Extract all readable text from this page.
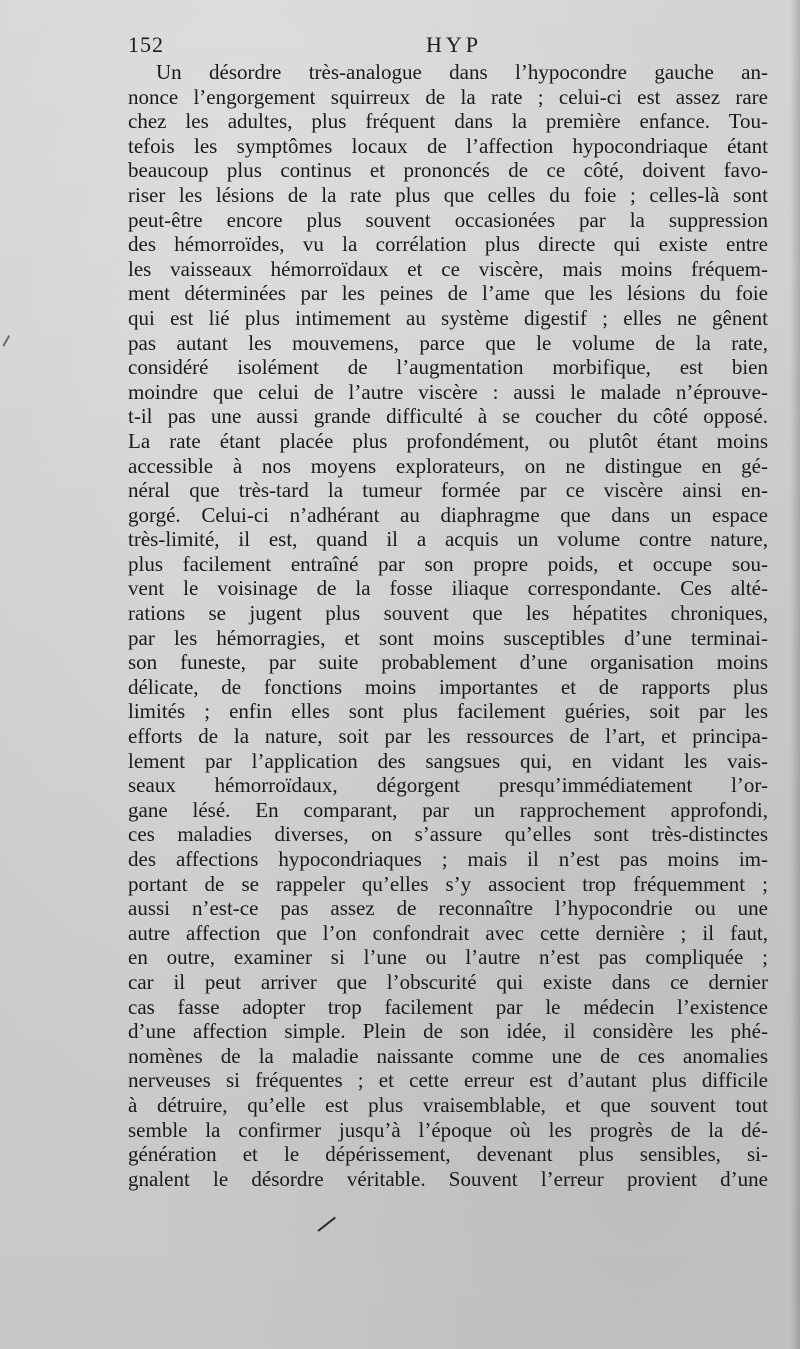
152	HYP
Un désordre très-analogue dans l’hypocondre gauche an-
nonce l’engorgement squirreux de la rate ; celui-ci est assez rare
chez les adultes, plus fréquent dans la première enfance. Tou-
tefois les symptômes locaux de l’affection hypocondriaque étant
beaucoup plus continus et prononcés de ce côté, doivent favo-
riser les lésions de la rate plus que celles du foie ; celles-là sont
peut-être encore plus souvent occasionées par la suppression
des hémorroïdes, vu la corrélation plus directe qui existe entre
les vaisseaux hémorroïdaux et ce viscère, mais moins fréquem-
ment déterminées par les peines de l’ame que les lésions du foie
qui est lié plus intimement au système digestif ; elles ne gênent
pas autant les mouvemens, parce que le volume de la rate,
considéré isolément de l’augmentation morbifique, est bien
moindre que celui de l’autre viscère : aussi le malade n’éprouve-
t-il pas une aussi grande difficulté à se coucher du côté opposé.
La rate étant placée plus profondément, ou plutôt étant moins
accessible à nos moyens explorateurs, on ne distingue en gé-
néral que très-tard la tumeur formée par ce viscère ainsi en-
gorgé. Celui-ci n’adhérant au diaphragme que dans un espace
très-limité, il est, quand il a acquis un volume contre nature,
plus facilement entraîné par son propre poids, et occupe sou-
vent le voisinage de la fosse iliaque correspondante. Ces alté-
rations se jugent plus souvent que les hépatites chroniques,
par les hémorragies, et sont moins susceptibles d’une terminai-
son funeste, par suite probablement d’une organisation moins
délicate, de fonctions moins importantes et de rapports plus
limités ; enfin elles sont plus facilement guéries, soit par les
efforts de la nature, soit par les ressources de l’art, et principa-
lement par l’application des sangsues qui, en vidant les vais-
seaux hémorroïdaux, dégorgent presqu’immédiatement l’or-
gane lésé. En comparant, par un rapprochement approfondi,
ces maladies diverses, on s’assure qu’elles sont très-distinctes
des affections hypocondriaques ; mais il n’est pas moins im-
portant de se rappeler qu’elles s’y associent trop fréquemment ;
aussi n’est-ce pas assez de reconnaître l’hypocondrie ou une
autre affection que l’on confondrait avec cette dernière ; il faut,
en outre, examiner si l’une ou l’autre n’est pas compliquée ;
car il peut arriver que l’obscurité qui existe dans ce dernier
cas fasse adopter trop facilement par le médecin l’existence
d’une affection simple. Plein de son idée, il considère les phé-
nomènes de la maladie naissante comme une de ces anomalies
nerveuses si fréquentes ; et cette erreur est d’autant plus difficile
à détruire, qu’elle est plus vraisemblable, et que souvent tout
semble la confirmer jusqu’à l’époque où les progrès de la dé-
génération et le dépérissement, devenant plus sensibles, si-
gnalent le désordre véritable. Souvent l’erreur provient d’une
